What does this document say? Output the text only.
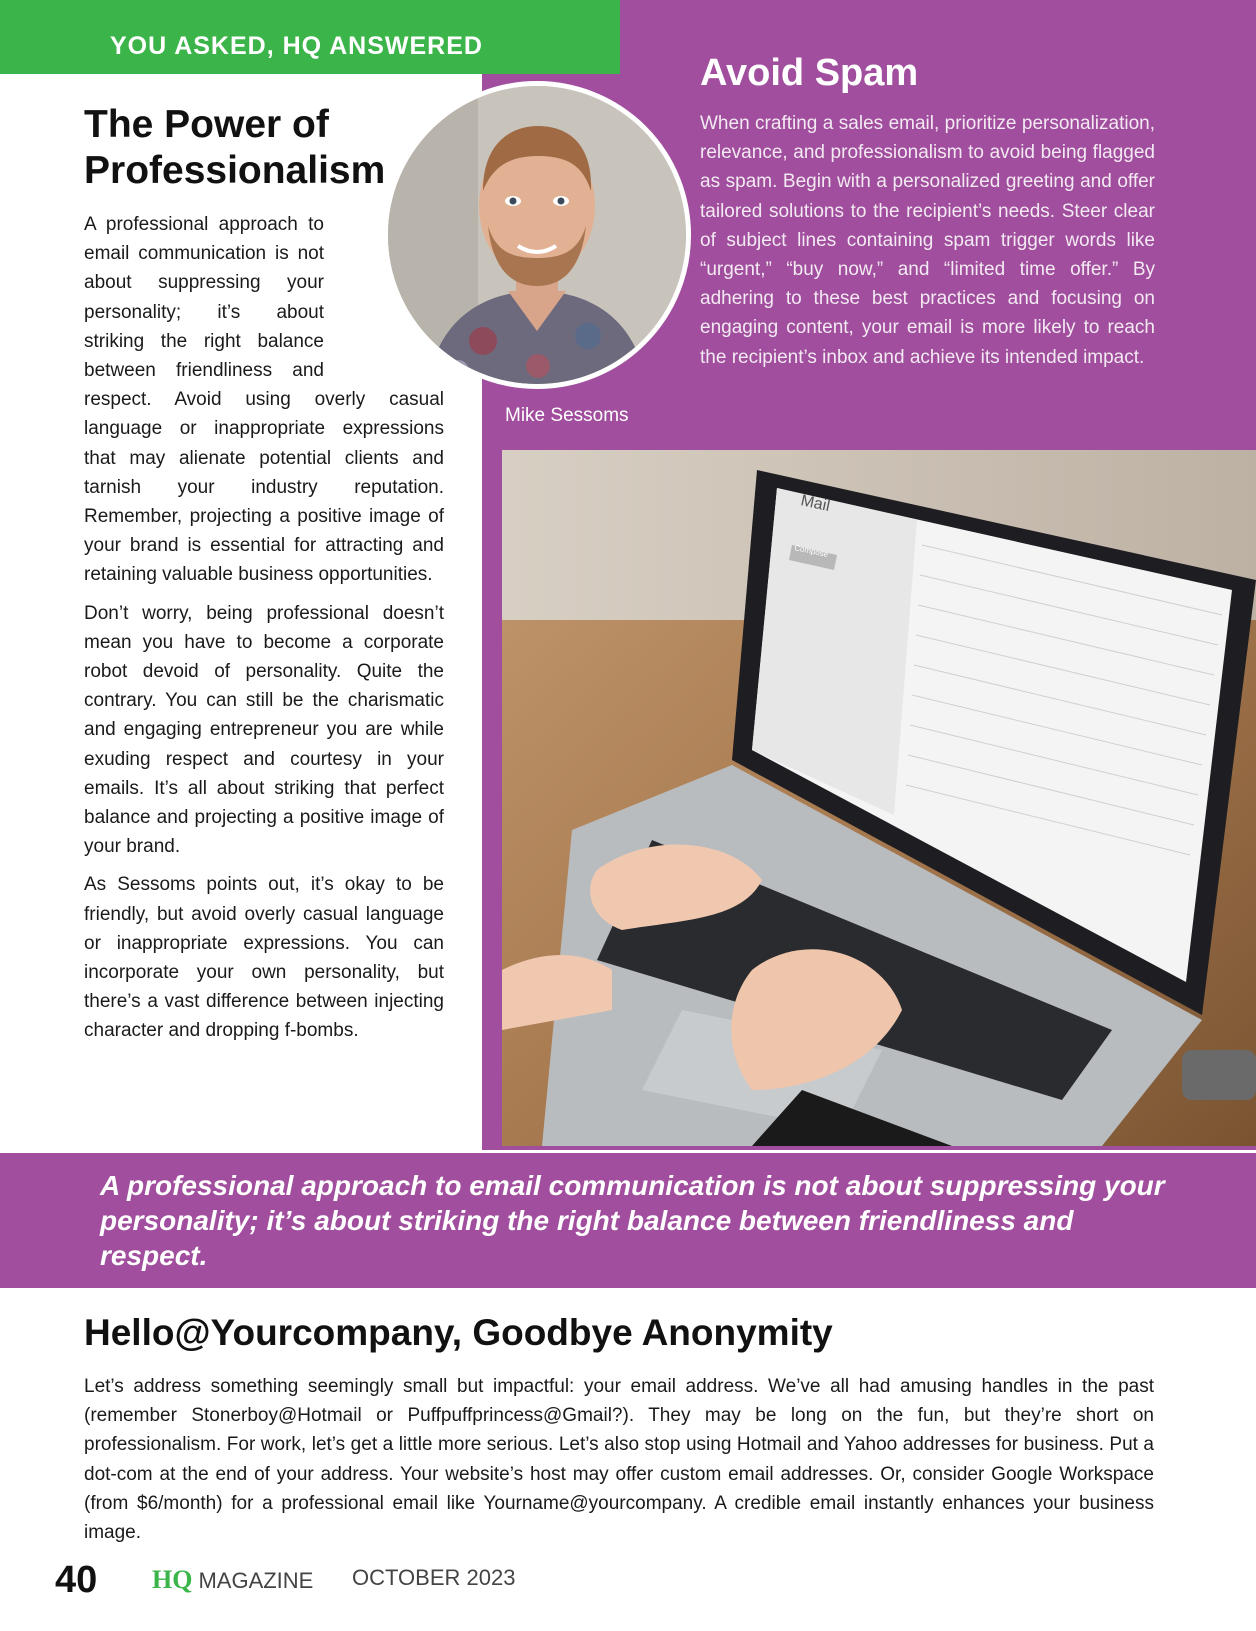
YOU ASKED, HQ ANSWERED
The Power of Professionalism

A professional approach to email communication is not about suppressing your personality; it’s about striking the right balance between friendliness and respect. Avoid using overly casual language or inappropriate expressions that may alienate potential clients and tarnish your industry reputation. Remember, projecting a positive image of your brand is essential for attracting and retaining valuable business opportunities.

Don’t worry, being professional doesn’t mean you have to become a corporate robot devoid of personality. Quite the contrary. You can still be the charismatic and engaging entrepreneur you are while exuding respect and courtesy in your emails. It’s all about striking that perfect balance and projecting a positive image of your brand.

As Sessoms points out, it’s okay to be friendly, but avoid overly casual language or inappropriate expressions. You can incorporate your own personality, but there’s a vast difference between injecting character and dropping f-bombs.

Mike Sessoms
Avoid Spam
When crafting a sales email, prioritize personalization, relevance, and professionalism to avoid being flagged as spam. Begin with a personalized greeting and offer tailored solutions to the recipient’s needs. Steer clear of subject lines containing spam trigger words like “urgent,” “buy now,” and “limited time offer.” By adhering to these best practices and focusing on engaging content, your email is more likely to reach the recipient’s inbox and achieve its intended impact.
Mail
Compose

A professional approach to email communication is not about suppressing your personality; it’s about striking the right balance between friendliness and respect.

Hello@Yourcompany, Goodbye Anonymity
Let’s address something seemingly small but impactful: your email address. We’ve all had amusing handles in the past (remember Stonerboy@Hotmail or Puffpuffprincess@Gmail?). They may be long on the fun, but they’re short on professionalism. For work, let’s get a little more serious. Let’s also stop using Hotmail and Yahoo addresses for business. Put a dot-com at the end of your address. Your website’s host may offer custom email addresses. Or, consider Google Workspace (from $6/month) for a professional email like Yourname@yourcompany. A credible email instantly enhances your business image.
40 HQ MAGAZINE OCTOBER 2023
